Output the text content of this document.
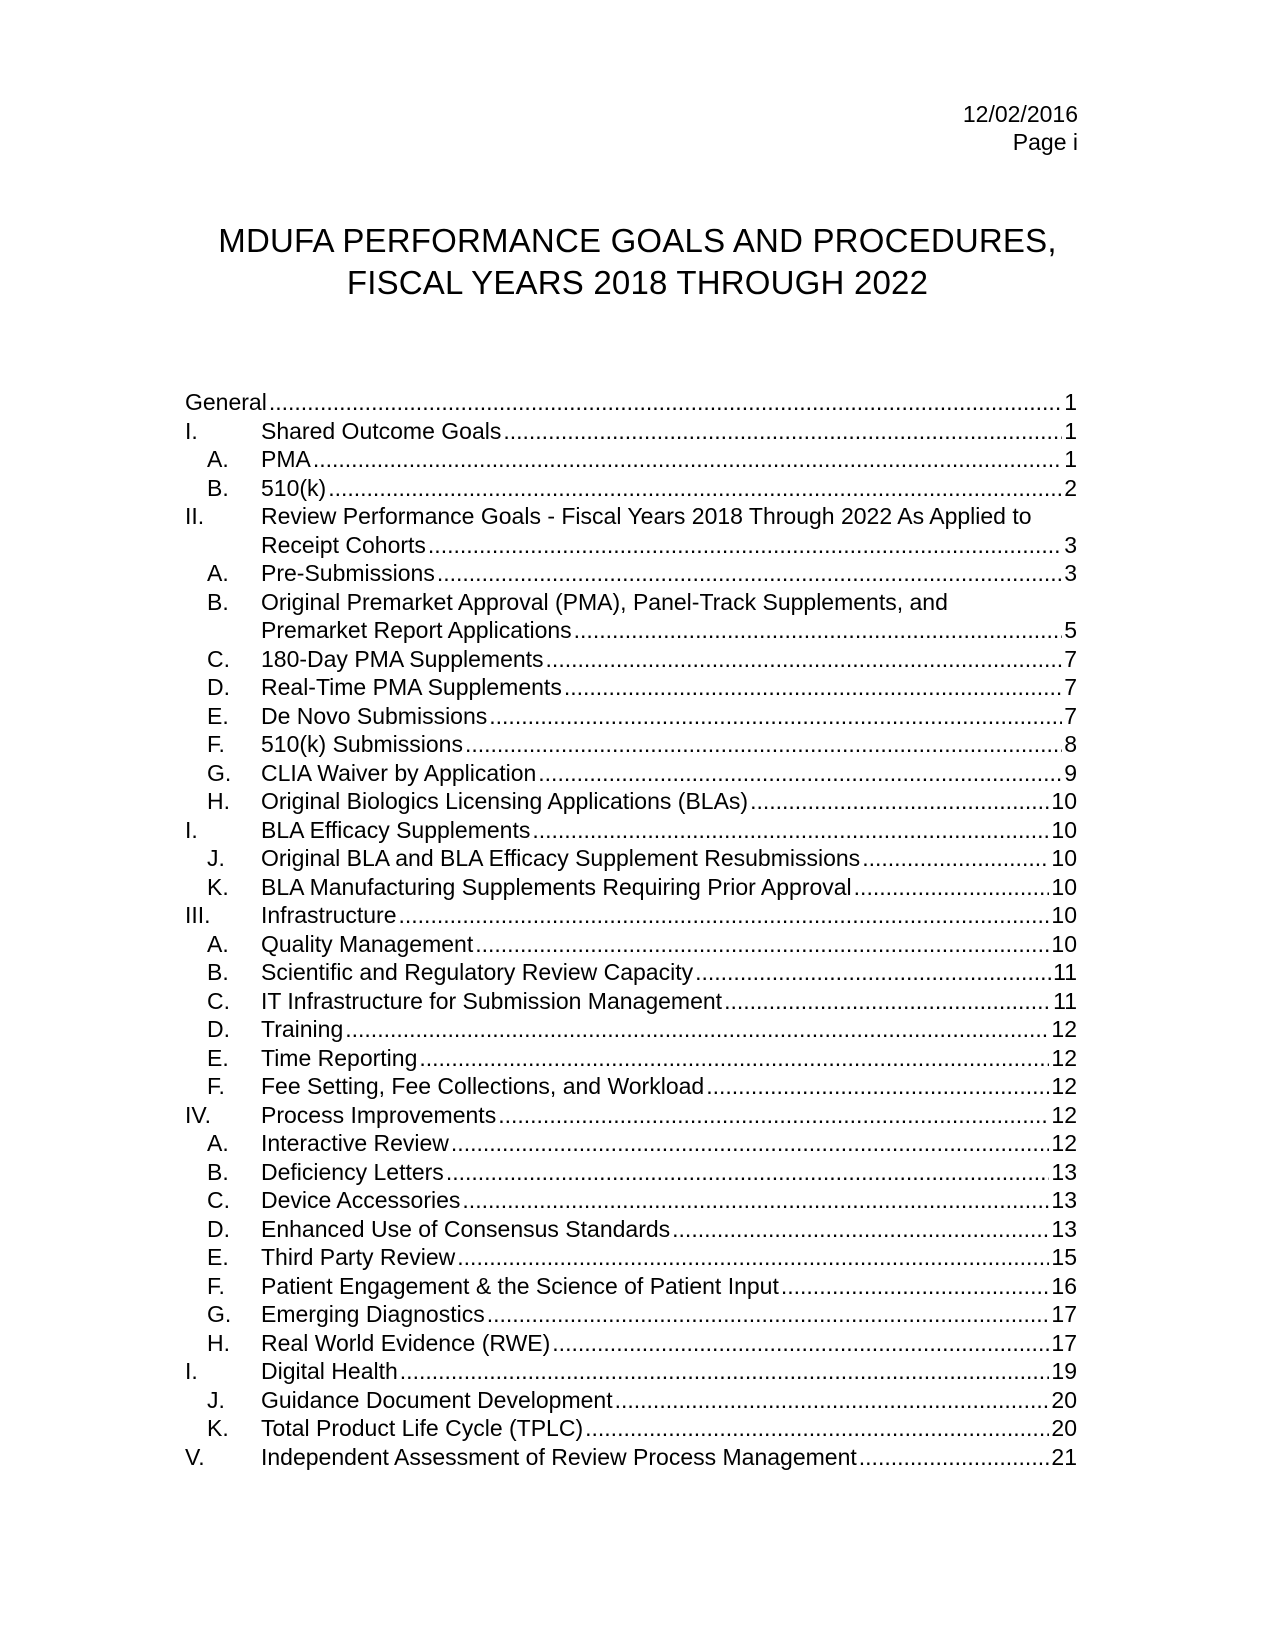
12/02/2016
Page i
MDUFA PERFORMANCE GOALS AND PROCEDURES,
FISCAL YEARS 2018 THROUGH 2022
General .....	1
I.	Shared Outcome Goals .....	1
A. PMA .....	1
B. 510(k) .....	2
II. Review Performance Goals - Fiscal Years 2018 Through 2022 As Applied to
Receipt Cohorts .....	3
A. Pre-Submissions .....	3
B. Original Premarket Approval (PMA), Panel-Track Supplements, and
Premarket Report Applications .....	5
C. 180-Day PMA Supplements .....	7
D. Real-Time PMA Supplements .....	7
E. De Novo Submissions .....	7
F. 510(k) Submissions .....	8
G. CLIA Waiver by Application .....	9
H. Original Biologics Licensing Applications (BLAs) .....	10
I.	BLA Efficacy Supplements .....	10
J. Original BLA and BLA Efficacy Supplement Resubmissions .....	10
K. BLA Manufacturing Supplements Requiring Prior Approval .....	10
III. Infrastructure .....	10
A. Quality Management .....	10
B. Scientific and Regulatory Review Capacity .....	11
C. IT Infrastructure for Submission Management .....	11
D. Training .....	12
E. Time Reporting .....	12
F. Fee Setting, Fee Collections, and Workload .....	12
IV. Process Improvements .....	12
A. Interactive Review .....	12
B. Deficiency Letters .....	13
C. Device Accessories .....	13
D. Enhanced Use of Consensus Standards .....	13
E. Third Party Review .....	15
F. Patient Engagement & the Science of Patient Input .....	16
G. Emerging Diagnostics .....	17
H. Real World Evidence (RWE) .....	17
I.	Digital Health .....	19
J. Guidance Document Development .....	20
K. Total Product Life Cycle (TPLC) .....	20
V. Independent Assessment of Review Process Management .....	21
